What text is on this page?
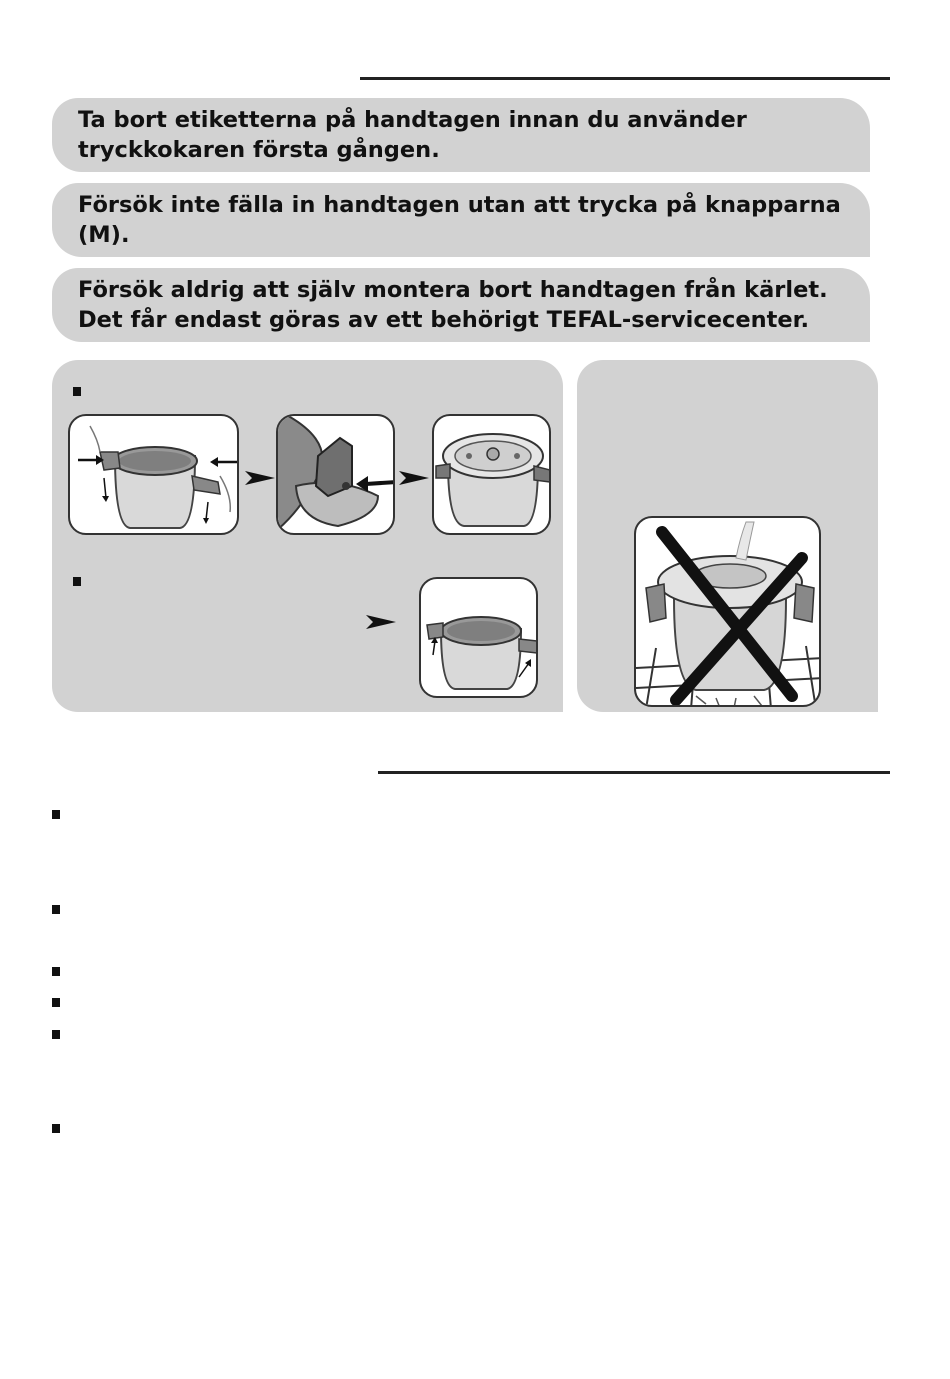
Ta bort etiketterna på handtagen innan du använder tryckkokaren första gången.
Försök inte fälla in handtagen utan att trycka på knapparna (M).
Försök aldrig att själv montera bort handtagen från kärlet. Det får endast göras av ett behörigt TEFAL-servicecenter.
